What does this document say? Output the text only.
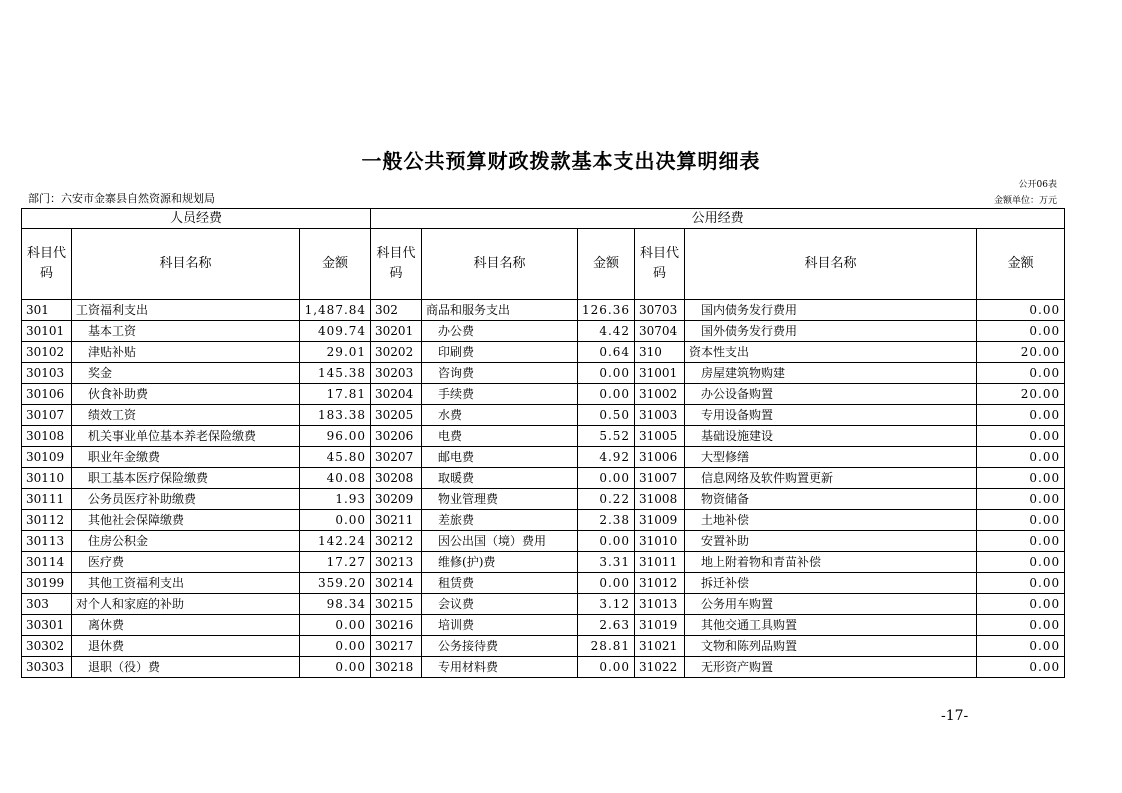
一般公共预算财政拨款基本支出决算明细表
公开06表
部门：六安市金寨县自然资源和规划局	金额单位：万元
人员经费			公用经费					
科目代码	科目名称	金额	科目代码	科目名称	金额	科目代码	科目名称	金额
301	工资福利支出	1,487.84	302	商品和服务支出	126.36	30703	国内债务发行费用	0.00
30101	基本工资	409.74	30201	办公费	4.42	30704	国外债务发行费用	0.00
30102	津贴补贴	29.01	30202	印刷费	0.64	310	资本性支出	20.00
30103	奖金	145.38	30203	咨询费	0.00	31001	房屋建筑物购建	0.00
30106	伙食补助费	17.81	30204	手续费	0.00	31002	办公设备购置	20.00
30107	绩效工资	183.38	30205	水费	0.50	31003	专用设备购置	0.00
30108	机关事业单位基本养老保险缴费	96.00	30206	电费	5.52	31005	基础设施建设	0.00
30109	职业年金缴费	45.80	30207	邮电费	4.92	31006	大型修缮	0.00
30110	职工基本医疗保险缴费	40.08	30208	取暖费	0.00	31007	信息网络及软件购置更新	0.00
30111	公务员医疗补助缴费	1.93	30209	物业管理费	0.22	31008	物资储备	0.00
30112	其他社会保障缴费	0.00	30211	差旅费	2.38	31009	土地补偿	0.00
30113	住房公积金	142.24	30212	因公出国（境）费用	0.00	31010	安置补助	0.00
30114	医疗费	17.27	30213	维修(护)费	3.31	31011	地上附着物和青苗补偿	0.00
30199	其他工资福利支出	359.20	30214	租赁费	0.00	31012	拆迁补偿	0.00
303	对个人和家庭的补助	98.34	30215	会议费	3.12	31013	公务用车购置	0.00
30301	离休费	0.00	30216	培训费	2.63	31019	其他交通工具购置	0.00
30302	退休费	0.00	30217	公务接待费	28.81	31021	文物和陈列品购置	0.00
30303	退职（役）费	0.00	30218	专用材料费	0.00	31022	无形资产购置	0.00
-17-
